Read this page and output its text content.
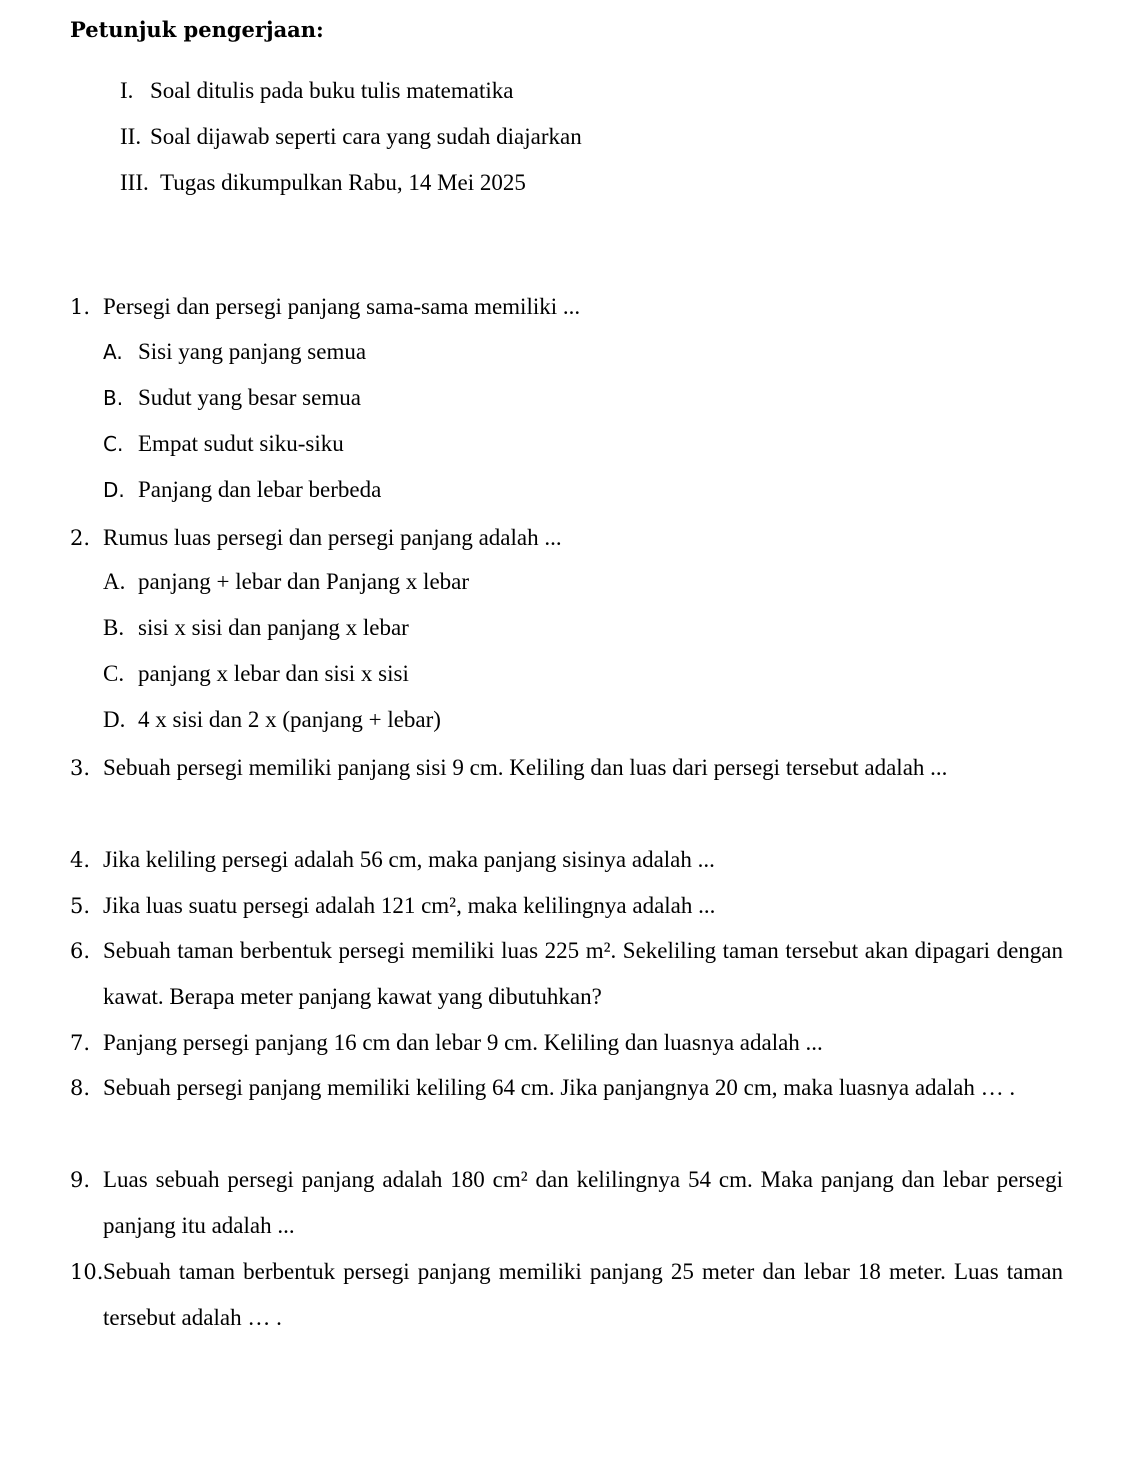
Petunjuk pengerjaan:
I. Soal ditulis pada buku tulis matematika
II. Soal dijawab seperti cara yang sudah diajarkan
III. Tugas dikumpulkan Rabu, 14 Mei 2025
1. Persegi dan persegi panjang sama-sama memiliki ...
A. Sisi yang panjang semua
B. Sudut yang besar semua
C. Empat sudut siku-siku
D. Panjang dan lebar berbeda
2. Rumus luas persegi dan persegi panjang adalah ...
A. panjang + lebar dan Panjang x lebar
B. sisi x sisi dan panjang x lebar
C. panjang x lebar dan sisi x sisi
D. 4 x sisi dan 2 x (panjang + lebar)
3. Sebuah persegi memiliki panjang sisi 9 cm. Keliling dan luas dari persegi tersebut adalah ...
4. Jika keliling persegi adalah 56 cm, maka panjang sisinya adalah ...
5. Jika luas suatu persegi adalah 121 cm², maka kelilingnya adalah ...
6. Sebuah taman berbentuk persegi memiliki luas 225 m². Sekeliling taman tersebut akan dipagari dengan kawat. Berapa meter panjang kawat yang dibutuhkan?
7. Panjang persegi panjang 16 cm dan lebar 9 cm. Keliling dan luasnya adalah ...
8. Sebuah persegi panjang memiliki keliling 64 cm. Jika panjangnya 20 cm, maka luasnya adalah … .
9. Luas sebuah persegi panjang adalah 180 cm² dan kelilingnya 54 cm. Maka panjang dan lebar persegi panjang itu adalah ...
10. Sebuah taman berbentuk persegi panjang memiliki panjang 25 meter dan lebar 18 meter. Luas taman tersebut adalah … .
